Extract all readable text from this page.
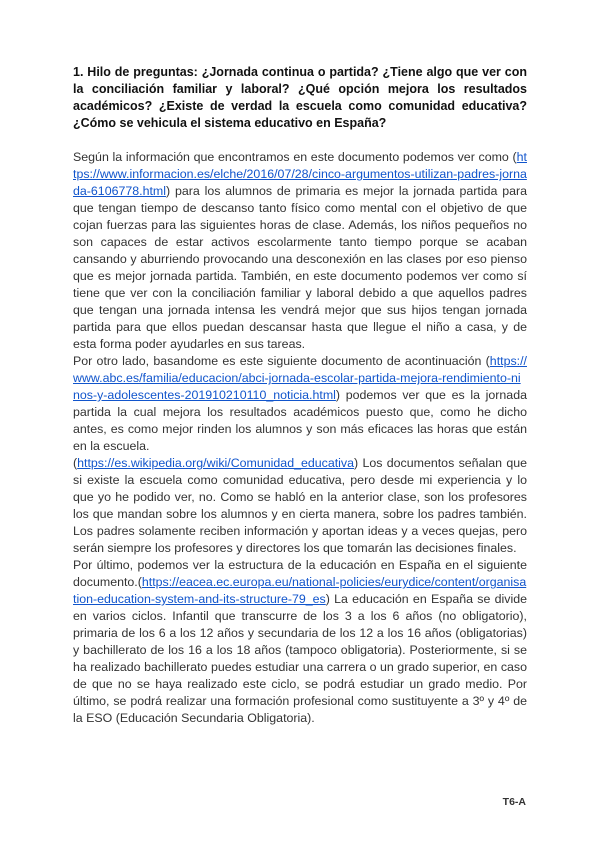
1. Hilo de preguntas: ¿Jornada continua o partida? ¿Tiene algo que ver con la conciliación familiar y laboral? ¿Qué opción mejora los resultados académicos? ¿Existe de verdad la escuela como comunidad educativa? ¿Cómo se vehicula el sistema educativo en España?

Según la información que encontramos en este documento podemos ver como (https://www.informacion.es/elche/2016/07/28/cinco-argumentos-utilizan-padres-jornada-6106778.html) para los alumnos de primaria es mejor la jornada partida para que tengan tiempo de descanso tanto físico como mental con el objetivo de que cojan fuerzas para las siguientes horas de clase. Además, los niños pequeños no son capaces de estar activos escolarmente tanto tiempo porque se acaban cansando y aburriendo provocando una desconexión en las clases por eso pienso que es mejor jornada partida. También, en este documento podemos ver como sí tiene que ver con la conciliación familiar y laboral debido a que aquellos padres que tengan una jornada intensa les vendrá mejor que sus hijos tengan jornada partida para que ellos puedan descansar hasta que llegue el niño a casa, y de esta forma poder ayudarles en sus tareas.

Por otro lado, basandome es este siguiente documento de acontinuación (https://www.abc.es/familia/educacion/abci-jornada-escolar-partida-mejora-rendimiento-ninos-y-adolescentes-201910210110_noticia.html) podemos ver que es la jornada partida la cual mejora los resultados académicos puesto que, como he dicho antes, es como mejor rinden los alumnos y son más eficaces las horas que están en la escuela.

(https://es.wikipedia.org/wiki/Comunidad_educativa) Los documentos señalan que si existe la escuela como comunidad educativa, pero desde mi experiencia y lo que yo he podido ver, no. Como se habló en la anterior clase, son los profesores los que mandan sobre los alumnos y en cierta manera, sobre los padres también. Los padres solamente reciben información y aportan ideas y a veces quejas, pero serán siempre los profesores y directores los que tomarán las decisiones finales.

Por último, podemos ver la estructura de la educación en España en el siguiente documento.(https://eacea.ec.europa.eu/national-policies/eurydice/content/organisation-education-system-and-its-structure-79_es) La educación en España se divide en varios ciclos. Infantil que transcurre de los 3 a los 6 años (no obligatorio), primaria de los 6 a los 12 años y secundaria de los 12 a los 16 años (obligatorias) y bachillerato de los 16 a los 18 años (tampoco obligatoria). Posteriormente, si se ha realizado bachillerato puedes estudiar una carrera o un grado superior, en caso de que no se haya realizado este ciclo, se podrá estudiar un grado medio. Por último, se podrá realizar una formación profesional como sustituyente a 3º y 4º de la ESO (Educación Secundaria Obligatoria).

T6-A
